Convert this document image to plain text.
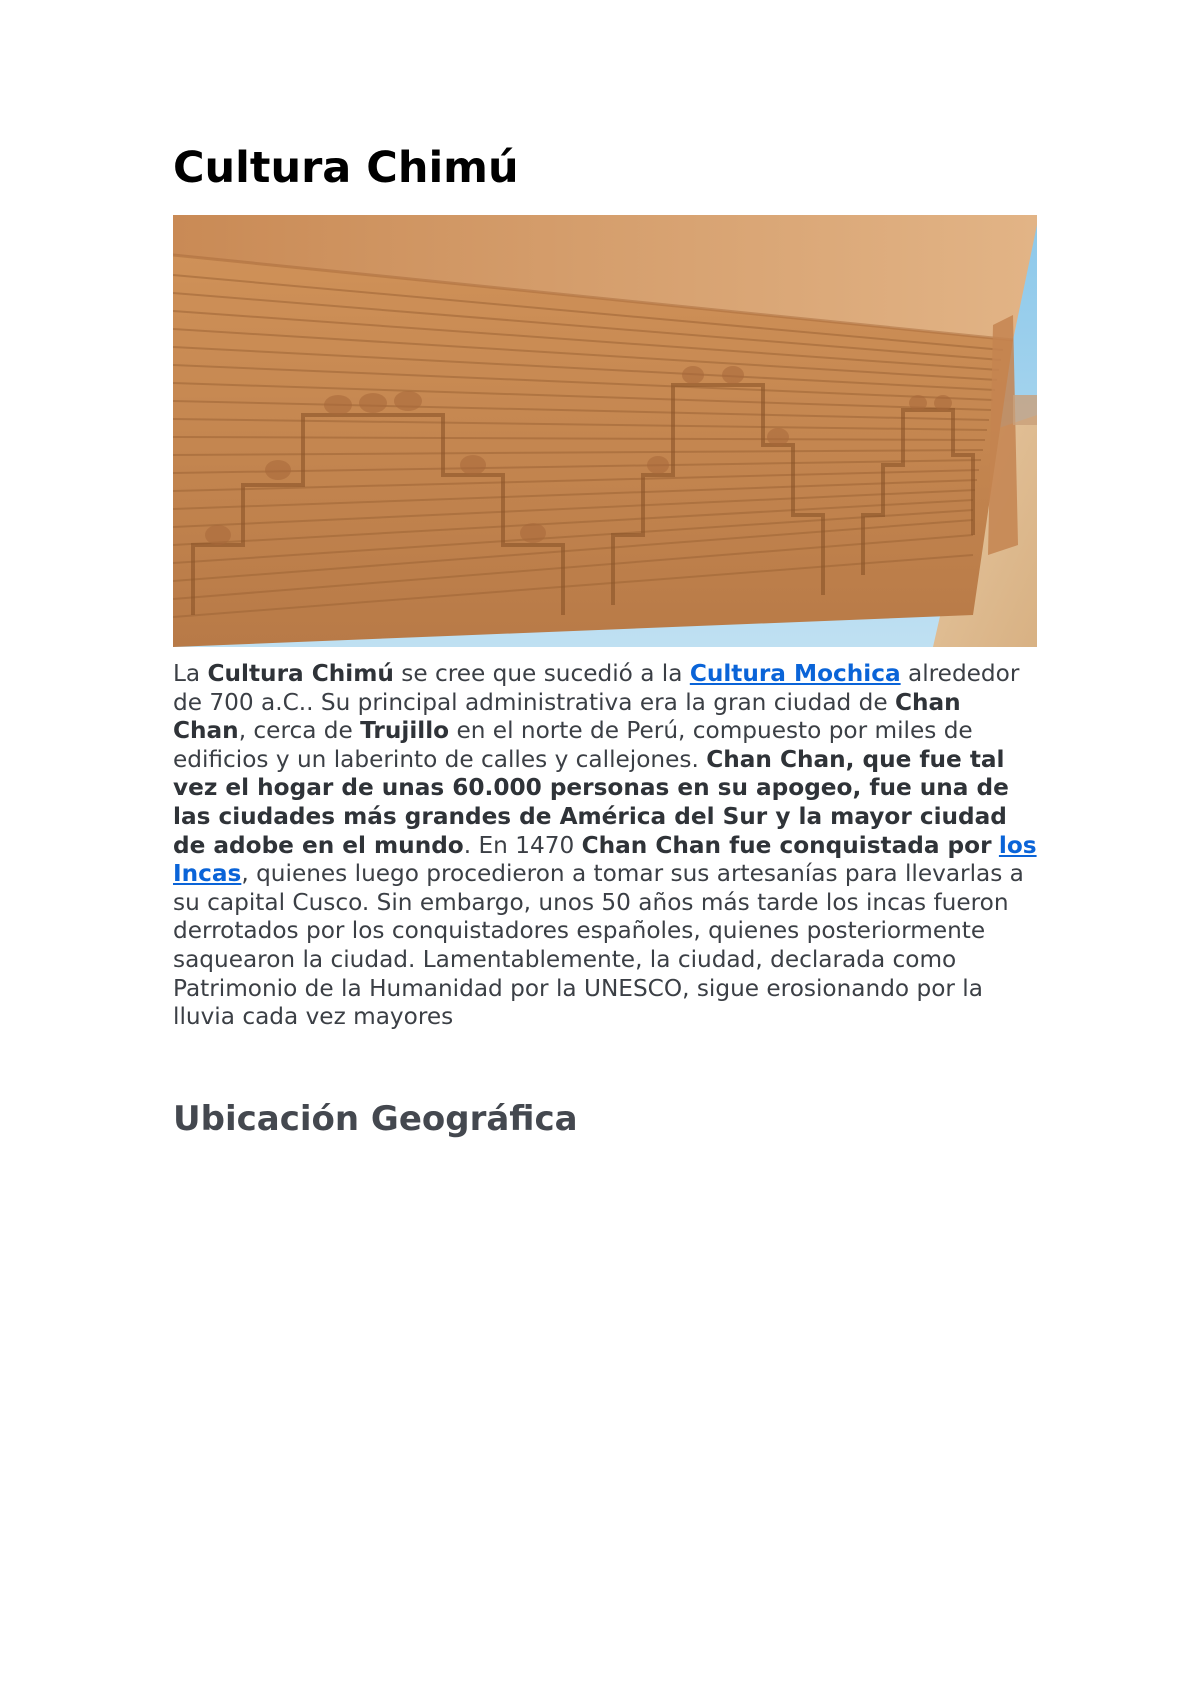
Cultura Chimú

La Cultura Chimú se cree que sucedió a la Cultura Mochica alrededor de 700 a.C.. Su principal administrativa era la gran ciudad de Chan Chan, cerca de Trujillo en el norte de Perú, compuesto por miles de edificios y un laberinto de calles y callejones. Chan Chan, que fue tal vez el hogar de unas 60.000 personas en su apogeo, fue una de las ciudades más grandes de América del Sur y la mayor ciudad de adobe en el mundo. En 1470 Chan Chan fue conquistada por los Incas, quienes luego procedieron a tomar sus artesanías para llevarlas a su capital Cusco. Sin embargo, unos 50 años más tarde los incas fueron derrotados por los conquistadores españoles, quienes posteriormente saquearon la ciudad. Lamentablemente, la ciudad, declarada como Patrimonio de la Humanidad por la UNESCO, sigue erosionando por la lluvia cada vez mayores

Ubicación Geográfica
